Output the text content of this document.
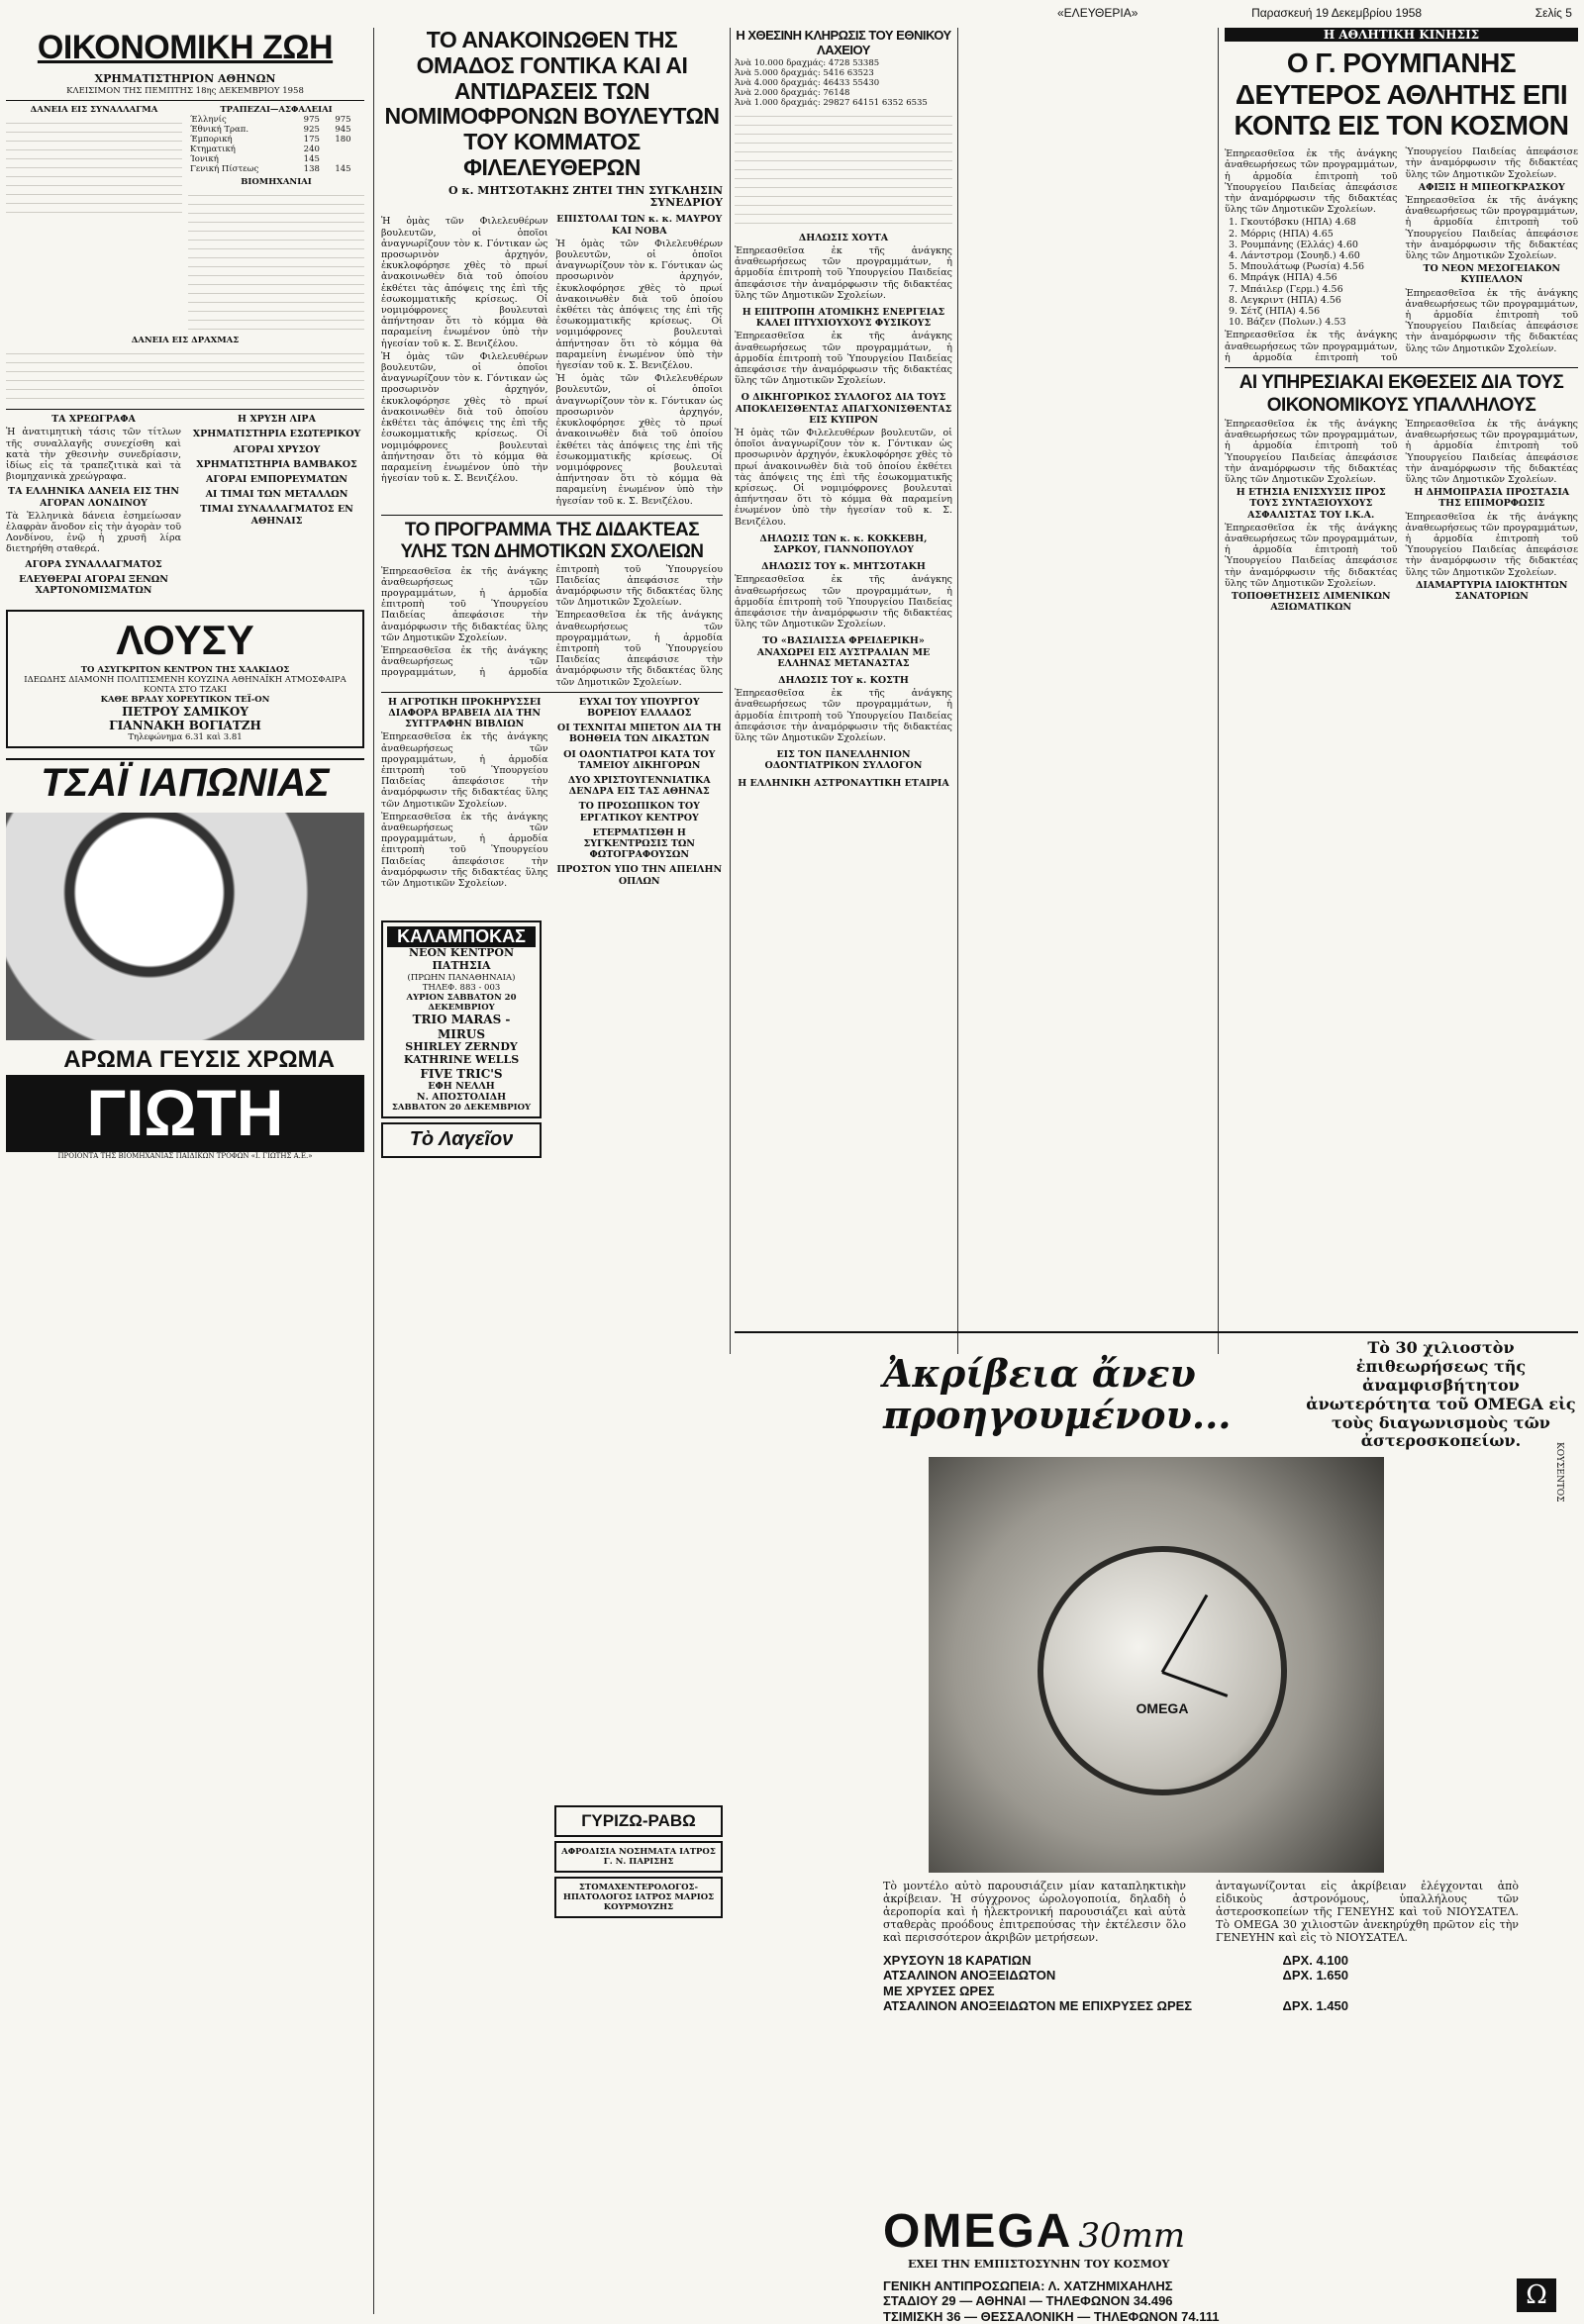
«ΕΛΕΥΘΕΡΙΑ»	Παρασκευή 19 Δεκεμβρίου 1958	Σελίς 5
ΟΙΚΟΝΟΜΙΚΗ ΖΩΗ
ΧΡΗΜΑΤΙΣΤΗΡΙΟΝ ΑΘΗΝΩΝ
ΚΛΕΙΣΙΜΟΝ ΤΗΣ ΠΕΜΠΤΗΣ 18ης ΔΕΚΕΜΒΡΙΟΥ 1958
ΔΑΝΕΙΑ ΕΙΣ ΣΥΝΑΛΛΑΓΜΑ	ΤΡΑΠΕΖΑΙ—ΑΣΦΑΛΕΙΑΙ
Έλληνίς	975	975
Έθνική Τραπ.	925	945
Έμπορική	175	180
Κτηματική	240	
Ίονική	145	
Γενική Πίστεως	138	145
ΒΙΟΜΗΧΑΝΙΑΙ
ΔΑΝΕΙΑ ΕΙΣ ΔΡΑΧΜΑΣ
ΤΑ ΧΡΕΩΓΡΑΦΑ

Ἡ ἀνατιμητικὴ τάσις τῶν τίτλων τῆς συναλλαγῆς συνεχίσθη καὶ κατὰ τὴν χθεσινὴν συνεδρίασιν, ἰδίως εἰς τὰ τραπεζιτικὰ καὶ τὰ βιομηχανικὰ χρεώγραφα.

ΤΑ ΕΛΛΗΝΙΚΑ ΔΑΝΕΙΑ ΕΙΣ ΤΗΝ ΑΓΟΡΑΝ ΛΟΝΔΙΝΟΥ

Τὰ Ἑλληνικὰ δάνεια ἐσημείωσαν ἐλαφρὰν ἄνοδον εἰς τὴν ἀγορὰν τοῦ Λονδίνου, ἐνῷ ἡ χρυσῆ λίρα διετηρήθη σταθερά.

ΑΓΟΡΑ ΣΥΝΑΛΛΑΓΜΑΤΟΣ
ΕΛΕΥΘΕΡΑΙ ΑΓΟΡΑΙ ΞΕΝΩΝ ΧΑΡΤΟΝΟΜΙΣΜΑΤΩΝ
Η ΧΡΥΣΗ ΛΙΡΑ
ΧΡΗΜΑΤΙΣΤΗΡΙΑ ΕΣΩΤΕΡΙΚΟΥ
ΑΓΟΡΑΙ ΧΡΥΣΟΥ
ΧΡΗΜΑΤΙΣΤΗΡΙΑ ΒΑΜΒΑΚΟΣ
ΑΓΟΡΑΙ ΕΜΠΟΡΕΥΜΑΤΩΝ
ΑΙ ΤΙΜΑΙ ΤΩΝ ΜΕΤΑΛΛΩΝ
ΤΙΜΑΙ ΣΥΝΑΛΛΑΓΜΑΤΟΣ ΕΝ ΑΘΗΝΑΙΣ
ΛΟΥΣΥ
ΤΟ ΑΣΥΓΚΡΙΤΟΝ ΚΕΝΤΡΟΝ ΤΗΣ ΧΑΛΚΙΔΟΣ
ΙΔΕΩΔΗΣ ΔΙΑΜΟΝΗ ΠΟΛΙΤΙΣΜΕΝΗ ΚΟΥΖΙΝΑ ΑΘΗΝΑΪΚΗ ΑΤΜΟΣΦΑΙΡΑ ΚΟΝΤΑ ΣΤΟ ΤΖΑΚΙ
ΚΑΘΕ ΒΡΑΔΥ ΧΟΡΕΥΤΙΚΟΝ ΤΕΪ-ΟΝ
ΠΕΤΡΟΥ ΣΑΜΙΚΟΥ
ΓΙΑΝΝΑΚΗ ΒΟΓΙΑΤΖΗ
Τηλεφώνημα 6.31 καὶ 3.81
ΤΣΑΪ ΙΑΠΩΝΙΑΣ
ΑΡΩΜΑ ΓΕΥΣΙΣ ΧΡΩΜΑ
ΓΙΩΤΗ
ΠΡΟΪΟΝΤΑ ΤΗΣ ΒΙΟΜΗΧΑΝΙΑΣ ΠΑΙΔΙΚΩΝ ΤΡΟΦΩΝ «Ι. ΓΙΩΤΗΣ Α.Ε.»
ΤΟ ΑΝΑΚΟΙΝΩΘΕΝ ΤΗΣ ΟΜΑΔΟΣ ΓΟΝΤΙΚΑ ΚΑΙ ΑΙ ΑΝΤΙΔΡΑΣΕΙΣ ΤΩΝ ΝΟΜΙΜΟΦΡΟΝΩΝ ΒΟΥΛΕΥΤΩΝ ΤΟΥ ΚΟΜΜΑΤΟΣ ΦΙΛΕΛΕΥΘΕΡΩΝ
Ο κ. ΜΗΤΣΟΤΑΚΗΣ ΖΗΤΕΙ ΤΗΝ ΣΥΓΚΛΗΣΙΝ ΣΥΝΕΔΡΙΟΥ

Ἡ ὁμὰς τῶν Φιλελευθέρων βουλευτῶν, οἱ ὁποῖοι ἀναγνωρίζουν τὸν κ. Γόντικαν ὡς προσωρινὸν ἀρχηγόν, ἐκυκλοφόρησε χθὲς τὸ πρωί ἀνακοινωθὲν διὰ τοῦ ὁποίου ἐκθέτει τὰς ἀπόψεις της ἐπὶ τῆς ἐσωκομματικῆς κρίσεως. Οἱ νομιμόφρονες βουλευταὶ ἀπήντησαν ὅτι τὸ κόμμα θὰ παραμείνη ἑνωμένον ὑπὸ τὴν ἡγεσίαν τοῦ κ. Σ. Βενιζέλου.

Ἡ ὁμὰς τῶν Φιλελευθέρων βουλευτῶν, οἱ ὁποῖοι ἀναγνωρίζουν τὸν κ. Γόντικαν ὡς προσωρινὸν ἀρχηγόν, ἐκυκλοφόρησε χθὲς τὸ πρωί ἀνακοινωθὲν διὰ τοῦ ὁποίου ἐκθέτει τὰς ἀπόψεις της ἐπὶ τῆς ἐσωκομματικῆς κρίσεως. Οἱ νομιμόφρονες βουλευταὶ ἀπήντησαν ὅτι τὸ κόμμα θὰ παραμείνη ἑνωμένον ὑπὸ τὴν ἡγεσίαν τοῦ κ. Σ. Βενιζέλου.

ΕΠΙΣΤΟΛΑΙ ΤΩΝ κ. κ. ΜΑΥΡΟΥ ΚΑΙ ΝΟΒΑ

Ἡ ὁμὰς τῶν Φιλελευθέρων βουλευτῶν, οἱ ὁποῖοι ἀναγνωρίζουν τὸν κ. Γόντικαν ὡς προσωρινὸν ἀρχηγόν, ἐκυκλοφόρησε χθὲς τὸ πρωί ἀνακοινωθὲν διὰ τοῦ ὁποίου ἐκθέτει τὰς ἀπόψεις της ἐπὶ τῆς ἐσωκομματικῆς κρίσεως. Οἱ νομιμόφρονες βουλευταὶ ἀπήντησαν ὅτι τὸ κόμμα θὰ παραμείνη ἑνωμένον ὑπὸ τὴν ἡγεσίαν τοῦ κ. Σ. Βενιζέλου.

Ἡ ὁμὰς τῶν Φιλελευθέρων βουλευτῶν, οἱ ὁποῖοι ἀναγνωρίζουν τὸν κ. Γόντικαν ὡς προσωρινὸν ἀρχηγόν, ἐκυκλοφόρησε χθὲς τὸ πρωί ἀνακοινωθὲν διὰ τοῦ ὁποίου ἐκθέτει τὰς ἀπόψεις της ἐπὶ τῆς ἐσωκομματικῆς κρίσεως. Οἱ νομιμόφρονες βουλευταὶ ἀπήντησαν ὅτι τὸ κόμμα θὰ παραμείνη ἑνωμένον ὑπὸ τὴν ἡγεσίαν τοῦ κ. Σ. Βενιζέλου.

ΤΟ ΠΡΟΓΡΑΜΜΑ ΤΗΣ ΔΙΔΑΚΤΕΑΣ ΥΛΗΣ ΤΩΝ ΔΗΜΟΤΙΚΩΝ ΣΧΟΛΕΙΩΝ

Ἐπηρεασθεῖσα ἐκ τῆς ἀνάγκης ἀναθεωρήσεως τῶν προγραμμάτων, ἡ ἁρμοδία ἐπιτροπὴ τοῦ Ὑπουργείου Παιδείας ἀπεφάσισε τὴν ἀναμόρφωσιν τῆς διδακτέας ὕλης τῶν Δημοτικῶν Σχολείων.

Ἐπηρεασθεῖσα ἐκ τῆς ἀνάγκης ἀναθεωρήσεως τῶν προγραμμάτων, ἡ ἁρμοδία ἐπιτροπὴ τοῦ Ὑπουργείου Παιδείας ἀπεφάσισε τὴν ἀναμόρφωσιν τῆς διδακτέας ὕλης τῶν Δημοτικῶν Σχολείων.

Ἐπηρεασθεῖσα ἐκ τῆς ἀνάγκης ἀναθεωρήσεως τῶν προγραμμάτων, ἡ ἁρμοδία ἐπιτροπὴ τοῦ Ὑπουργείου Παιδείας ἀπεφάσισε τὴν ἀναμόρφωσιν τῆς διδακτέας ὕλης τῶν Δημοτικῶν Σχολείων.

Η ΑΓΡΟΤΙΚΗ ΠΡΟΚΗΡΥΣΣΕΙ ΔΙΑΦΟΡΑ ΒΡΑΒΕΙΑ ΔΙΑ ΤΗΝ ΣΥΓΓΡΑΦΗΝ ΒΙΒΛΙΩΝ

Ἐπηρεασθεῖσα ἐκ τῆς ἀνάγκης ἀναθεωρήσεως τῶν προγραμμάτων, ἡ ἁρμοδία ἐπιτροπὴ τοῦ Ὑπουργείου Παιδείας ἀπεφάσισε τὴν ἀναμόρφωσιν τῆς διδακτέας ὕλης τῶν Δημοτικῶν Σχολείων.

Ἐπηρεασθεῖσα ἐκ τῆς ἀνάγκης ἀναθεωρήσεως τῶν προγραμμάτων, ἡ ἁρμοδία ἐπιτροπὴ τοῦ Ὑπουργείου Παιδείας ἀπεφάσισε τὴν ἀναμόρφωσιν τῆς διδακτέας ὕλης τῶν Δημοτικῶν Σχολείων.

ΕΥΧΑΙ ΤΟΥ ΥΠΟΥΡΓΟΥ ΒΟΡΕΙΟΥ ΕΛΛΑΔΟΣ
ΟΙ ΤΕΧΝΙΤΑΙ ΜΠΕΤΟΝ ΔΙΑ ΤΗ ΒΟΗΘΕΙΑ ΤΩΝ ΔΙΚΑΣΤΩΝ
ΟΙ ΟΔΟΝΤΙΑΤΡΟΙ ΚΑΤΑ ΤΟΥ ΤΑΜΕΙΟΥ ΔΙΚΗΓΟΡΩΝ
ΔΥΟ ΧΡΙΣΤΟΥΓΕΝΝΙΑΤΙΚΑ ΔΕΝΔΡΑ ΕΙΣ ΤΑΣ ΑΘΗΝΑΣ
ΤΟ ΠΡΟΣΩΠΙΚΟΝ ΤΟΥ ΕΡΓΑΤΙΚΟΥ ΚΕΝΤΡΟΥ
ΕΤΕΡΜΑΤΙΣΘΗ Η ΣΥΓΚΕΝΤΡΩΣΙΣ ΤΩΝ ΦΩΤΟΓΡΑΦΟΥΣΩΝ
ΠΡΟΣΤΟΝ ΥΠΟ ΤΗΝ ΑΠΕΙΛΗΝ ΟΠΛΩΝ
ΚΑΛΑΜΠΟΚΑΣ
ΝΕΟΝ ΚΕΝΤΡΟΝ ΠΑΤΗΣΙΑ
(ΠΡΩΗΝ ΠΑΝΑΘΗΝΑΙΑ)
ΤΗΛΕΦ. 883 - 003
ΑΥΡΙΟΝ ΣΑΒΒΑΤΟΝ 20 ΔΕΚΕΜΒΡΙΟΥ
TRIO MARAS - MIRUS
SHIRLEY ZERNDY
KATHRINE WELLS
FIVE TRIC'S
ΕΦΗ ΝΕΛΛΗ
Ν. ΑΠΟΣΤΟΛΙΔΗ
ΣΑΒΒΑΤΟΝ 20 ΔΕΚΕΜΒΡΙΟΥ
Τὸ Λαγεῖον
Η ΧΘΕΣΙΝΗ ΚΛΗΡΩΣΙΣ ΤΟΥ ΕΘΝΙΚΟΥ ΛΑΧΕΙΟΥ
Ἀνὰ 10.000 δραχμάς: 4728 53385
Ἀνὰ 5.000 δραχμάς: 5416 63523
Ἀνὰ 4.000 δραχμάς: 46433 55430
Ἀνὰ 2.000 δραχμάς: 76148
Ἀνὰ 1.000 δραχμάς: 29827 64151 6352 6535
ΔΗΛΩΣΙΣ ΧΟΥΤΑ

Ἐπηρεασθεῖσα ἐκ τῆς ἀνάγκης ἀναθεωρήσεως τῶν προγραμμάτων, ἡ ἁρμοδία ἐπιτροπὴ τοῦ Ὑπουργείου Παιδείας ἀπεφάσισε τὴν ἀναμόρφωσιν τῆς διδακτέας ὕλης τῶν Δημοτικῶν Σχολείων.

Η ΕΠΙΤΡΟΠΗ ΑΤΟΜΙΚΗΣ ΕΝΕΡΓΕΙΑΣ ΚΑΛΕΙ ΠΤΥΧΙΟΥΧΟΥΣ ΦΥΣΙΚΟΥΣ

Ἐπηρεασθεῖσα ἐκ τῆς ἀνάγκης ἀναθεωρήσεως τῶν προγραμμάτων, ἡ ἁρμοδία ἐπιτροπὴ τοῦ Ὑπουργείου Παιδείας ἀπεφάσισε τὴν ἀναμόρφωσιν τῆς διδακτέας ὕλης τῶν Δημοτικῶν Σχολείων.

Ο ΔΙΚΗΓΟΡΙΚΟΣ ΣΥΛΛΟΓΟΣ ΔΙΑ ΤΟΥΣ ΑΠΟΚΛΕΙΣΘΕΝΤΑΣ ΑΠΑΓΧΟΝΙΣΘΕΝΤΑΣ ΕΙΣ ΚΥΠΡΟΝ

Ἡ ὁμὰς τῶν Φιλελευθέρων βουλευτῶν, οἱ ὁποῖοι ἀναγνωρίζουν τὸν κ. Γόντικαν ὡς προσωρινὸν ἀρχηγόν, ἐκυκλοφόρησε χθὲς τὸ πρωί ἀνακοινωθὲν διὰ τοῦ ὁποίου ἐκθέτει τὰς ἀπόψεις της ἐπὶ τῆς ἐσωκομματικῆς κρίσεως. Οἱ νομιμόφρονες βουλευταὶ ἀπήντησαν ὅτι τὸ κόμμα θὰ παραμείνη ἑνωμένον ὑπὸ τὴν ἡγεσίαν τοῦ κ. Σ. Βενιζέλου.

ΔΗΛΩΣΙΣ ΤΩΝ κ. κ. ΚΟΚΚΕΒΗ, ΣΑΡΚΟΥ, ΓΙΑΝΝΟΠΟΥΛΟΥ
ΔΗΛΩΣΙΣ ΤΟΥ κ. ΜΗΤΣΟΤΑΚΗ

Ἐπηρεασθεῖσα ἐκ τῆς ἀνάγκης ἀναθεωρήσεως τῶν προγραμμάτων, ἡ ἁρμοδία ἐπιτροπὴ τοῦ Ὑπουργείου Παιδείας ἀπεφάσισε τὴν ἀναμόρφωσιν τῆς διδακτέας ὕλης τῶν Δημοτικῶν Σχολείων.

ΤΟ «ΒΑΣΙΛΙΣΣΑ ΦΡΕΙΔΕΡΙΚΗ» ΑΝΑΧΩΡΕΙ ΕΙΣ ΑΥΣΤΡΑΛΙΑΝ ΜΕ ΕΛΛΗΝΑΣ ΜΕΤΑΝΑΣΤΑΣ
ΔΗΛΩΣΙΣ ΤΟΥ κ. ΚΟΣΤΗ

Ἐπηρεασθεῖσα ἐκ τῆς ἀνάγκης ἀναθεωρήσεως τῶν προγραμμάτων, ἡ ἁρμοδία ἐπιτροπὴ τοῦ Ὑπουργείου Παιδείας ἀπεφάσισε τὴν ἀναμόρφωσιν τῆς διδακτέας ὕλης τῶν Δημοτικῶν Σχολείων.

ΕΙΣ ΤΟΝ ΠΑΝΕΛΛΗΝΙΟΝ ΟΔΟΝΤΙΑΤΡΙΚΟΝ ΣΥΛΛΟΓΟΝ
Η ΕΛΛΗΝΙΚΗ ΑΣΤΡΟΝΑΥΤΙΚΗ ΕΤΑΙΡΙΑ
Η ΑΘΛΗΤΙΚΗ ΚΙΝΗΣΙΣ
Ο Γ. ΡΟΥΜΠΑΝΗΣ ΔΕΥΤΕΡΟΣ ΑΘΛΗΤΗΣ ΕΠΙ ΚΟΝΤΩ ΕΙΣ ΤΟΝ ΚΟΣΜΟΝ

Ἐπηρεασθεῖσα ἐκ τῆς ἀνάγκης ἀναθεωρήσεως τῶν προγραμμάτων, ἡ ἁρμοδία ἐπιτροπὴ τοῦ Ὑπουργείου Παιδείας ἀπεφάσισε τὴν ἀναμόρφωσιν τῆς διδακτέας ὕλης τῶν Δημοτικῶν Σχολείων.

1. Γκουτόβσκυ (ΗΠΑ) 4.68
2. Μόρρις (ΗΠΑ) 4.65
3. Ρουμπάνης (Ελλάς) 4.60
4. Λάντστρομ (Σουηδ.) 4.60
5. Μπουλάτωφ (Ρωσία) 4.56
6. Μπράγκ (ΗΠΑ) 4.56
7. Μπάιλερ (Γερμ.) 4.56
8. Λεγκριντ (ΗΠΑ) 4.56
9. Σέτζ (ΗΠΑ) 4.56
10. Βάζεν (Πολων.) 4.53

Ἐπηρεασθεῖσα ἐκ τῆς ἀνάγκης ἀναθεωρήσεως τῶν προγραμμάτων, ἡ ἁρμοδία ἐπιτροπὴ τοῦ Ὑπουργείου Παιδείας ἀπεφάσισε τὴν ἀναμόρφωσιν τῆς διδακτέας ὕλης τῶν Δημοτικῶν Σχολείων.

ΑΦΙΞΙΣ Η ΜΠΕΟΓΚΡΑΣΚΟΥ

Ἐπηρεασθεῖσα ἐκ τῆς ἀνάγκης ἀναθεωρήσεως τῶν προγραμμάτων, ἡ ἁρμοδία ἐπιτροπὴ τοῦ Ὑπουργείου Παιδείας ἀπεφάσισε τὴν ἀναμόρφωσιν τῆς διδακτέας ὕλης τῶν Δημοτικῶν Σχολείων.

ΤΟ ΝΕΟΝ ΜΕΣΟΓΕΙΑΚΟΝ ΚΥΠΕΛΛΟΝ

Ἐπηρεασθεῖσα ἐκ τῆς ἀνάγκης ἀναθεωρήσεως τῶν προγραμμάτων, ἡ ἁρμοδία ἐπιτροπὴ τοῦ Ὑπουργείου Παιδείας ἀπεφάσισε τὴν ἀναμόρφωσιν τῆς διδακτέας ὕλης τῶν Δημοτικῶν Σχολείων.

ΑΙ ΥΠΗΡΕΣΙΑΚΑΙ ΕΚΘΕΣΕΙΣ ΔΙΑ ΤΟΥΣ ΟΙΚΟΝΟΜΙΚΟΥΣ ΥΠΑΛΛΗΛΟΥΣ

Ἐπηρεασθεῖσα ἐκ τῆς ἀνάγκης ἀναθεωρήσεως τῶν προγραμμάτων, ἡ ἁρμοδία ἐπιτροπὴ τοῦ Ὑπουργείου Παιδείας ἀπεφάσισε τὴν ἀναμόρφωσιν τῆς διδακτέας ὕλης τῶν Δημοτικῶν Σχολείων.

Η ΕΤΗΣΙΑ ΕΝΙΣΧΥΣΙΣ ΠΡΟΣ ΤΟΥΣ ΣΥΝΤΑΞΙΟΥΧΟΥΣ ΑΣΦΑΛΙΣΤΑΣ ΤΟΥ Ι.Κ.Α.

Ἐπηρεασθεῖσα ἐκ τῆς ἀνάγκης ἀναθεωρήσεως τῶν προγραμμάτων, ἡ ἁρμοδία ἐπιτροπὴ τοῦ Ὑπουργείου Παιδείας ἀπεφάσισε τὴν ἀναμόρφωσιν τῆς διδακτέας ὕλης τῶν Δημοτικῶν Σχολείων.

ΤΟΠΟΘΕΤΗΣΕΙΣ ΛΙΜΕΝΙΚΩΝ ΑΞΙΩΜΑΤΙΚΩΝ

Ἐπηρεασθεῖσα ἐκ τῆς ἀνάγκης ἀναθεωρήσεως τῶν προγραμμάτων, ἡ ἁρμοδία ἐπιτροπὴ τοῦ Ὑπουργείου Παιδείας ἀπεφάσισε τὴν ἀναμόρφωσιν τῆς διδακτέας ὕλης τῶν Δημοτικῶν Σχολείων.

Η ΔΗΜΟΠΡΑΣΙΑ ΠΡΟΣΤΑΣΙΑ ΤΗΣ ΕΠΙΜΟΡΦΩΣΙΣ

Ἐπηρεασθεῖσα ἐκ τῆς ἀνάγκης ἀναθεωρήσεως τῶν προγραμμάτων, ἡ ἁρμοδία ἐπιτροπὴ τοῦ Ὑπουργείου Παιδείας ἀπεφάσισε τὴν ἀναμόρφωσιν τῆς διδακτέας ὕλης τῶν Δημοτικῶν Σχολείων.

ΔΙΑΜΑΡΤΥΡΙΑ ΙΔΙΟΚΤΗΤΩΝ ΣΑΝΑΤΟΡΙΩΝ
Ἀκρίβεια ἄνευ προηγουμένου...
Τὸ 30 χιλιοστὸν ἐπιθεωρήσεως τῆς ἀναμφισβήτητον ἀνωτερότητα τοῦ OMEGA εἰς τοὺς διαγωνισμοὺς τῶν ἀστεροσκοπείων.
ΚΟΥΣΕΝΤΟΣ
OMEGA

Τὸ μοντέλο αὐτὸ παρουσιάζειν μίαν καταπληκτικὴν ἀκρίβειαν. Ἡ σύγχρονος ὡρολογοποιία, δηλαδὴ ὁ ἀεροπορία καὶ ἡ ἠλεκτρονική παρουσιάζει καὶ αὐτὰ σταθερὰς προόδους ἐπιτρεπούσας τὴν ἐκτέλεσιν ὅλο καὶ περισσότερον ἀκριβῶν μετρήσεων.

ἀνταγωνίζονται εἰς ἀκρίβειαν ἐλέγχονται ἀπὸ εἰδικοὺς ἀστρονόμους, ὑπαλλήλους τῶν ἀστεροσκοπείων τῆς ΓΕΝΕΥΗΣ καὶ τοῦ ΝΙΟΥΣΑΤΕΛ. Τὸ OMEGA 30 χιλιοστῶν ἀνεκηρύχθη πρῶτον εἰς τὴν ΓΕΝΕΥΗΝ καὶ εἰς τὸ ΝΙΟΥΣΑΤΕΛ.

ΧΡΥΣΟΥΝ 18 ΚΑΡΑΤΙΩΝ	ΔΡΧ. 4.100
ΑΤΣΑΛΙΝΟΝ ΑΝΟΞΕΙΔΩΤΟΝ	ΔΡΧ. 1.650
ΜΕ ΧΡΥΣΕΣ ΩΡΕΣ
ΑΤΣΑΛΙΝΟΝ ΑΝΟΞΕΙΔΩΤΟΝ ΜΕ ΕΠΙΧΡΥΣΕΣ ΩΡΕΣ	ΔΡΧ. 1.450
OMEGA 30mm
ΕΧΕΙ ΤΗΝ ΕΜΠΙΣΤΟΣΥΝΗΝ ΤΟΥ ΚΟΣΜΟΥ
ΓΕΝΙΚΗ ΑΝΤΙΠΡΟΣΩΠΕΙΑ: Λ. ΧΑΤΖΗΜΙΧΑΗΛΗΣ
ΣΤΑΔΙΟΥ 29 — ΑΘΗΝΑΙ — ΤΗΛΕΦΩΝΟΝ 34.496
ΤΣΙΜΙΣΚΗ 36 — ΘΕΣΣΑΛΟΝΙΚΗ — ΤΗΛΕΦΩΝΟΝ 74.111
Ω
ΓΥΡΙΖΩ-ΡΑΒΩ
ΑΦΡΟΔΙΣΙΑ ΝΟΣΗΜΑΤΑ ΙΑΤΡΟΣ Γ. Ν. ΠΑΡΙΣΗΣ
ΣΤΟΜΑΧΕΝΤΕΡΟΛΟΓΟΣ-ΗΠΑΤΟΛΟΓΟΣ ΙΑΤΡΟΣ ΜΑΡΙΟΣ ΚΟΥΡΜΟΥΖΗΣ
